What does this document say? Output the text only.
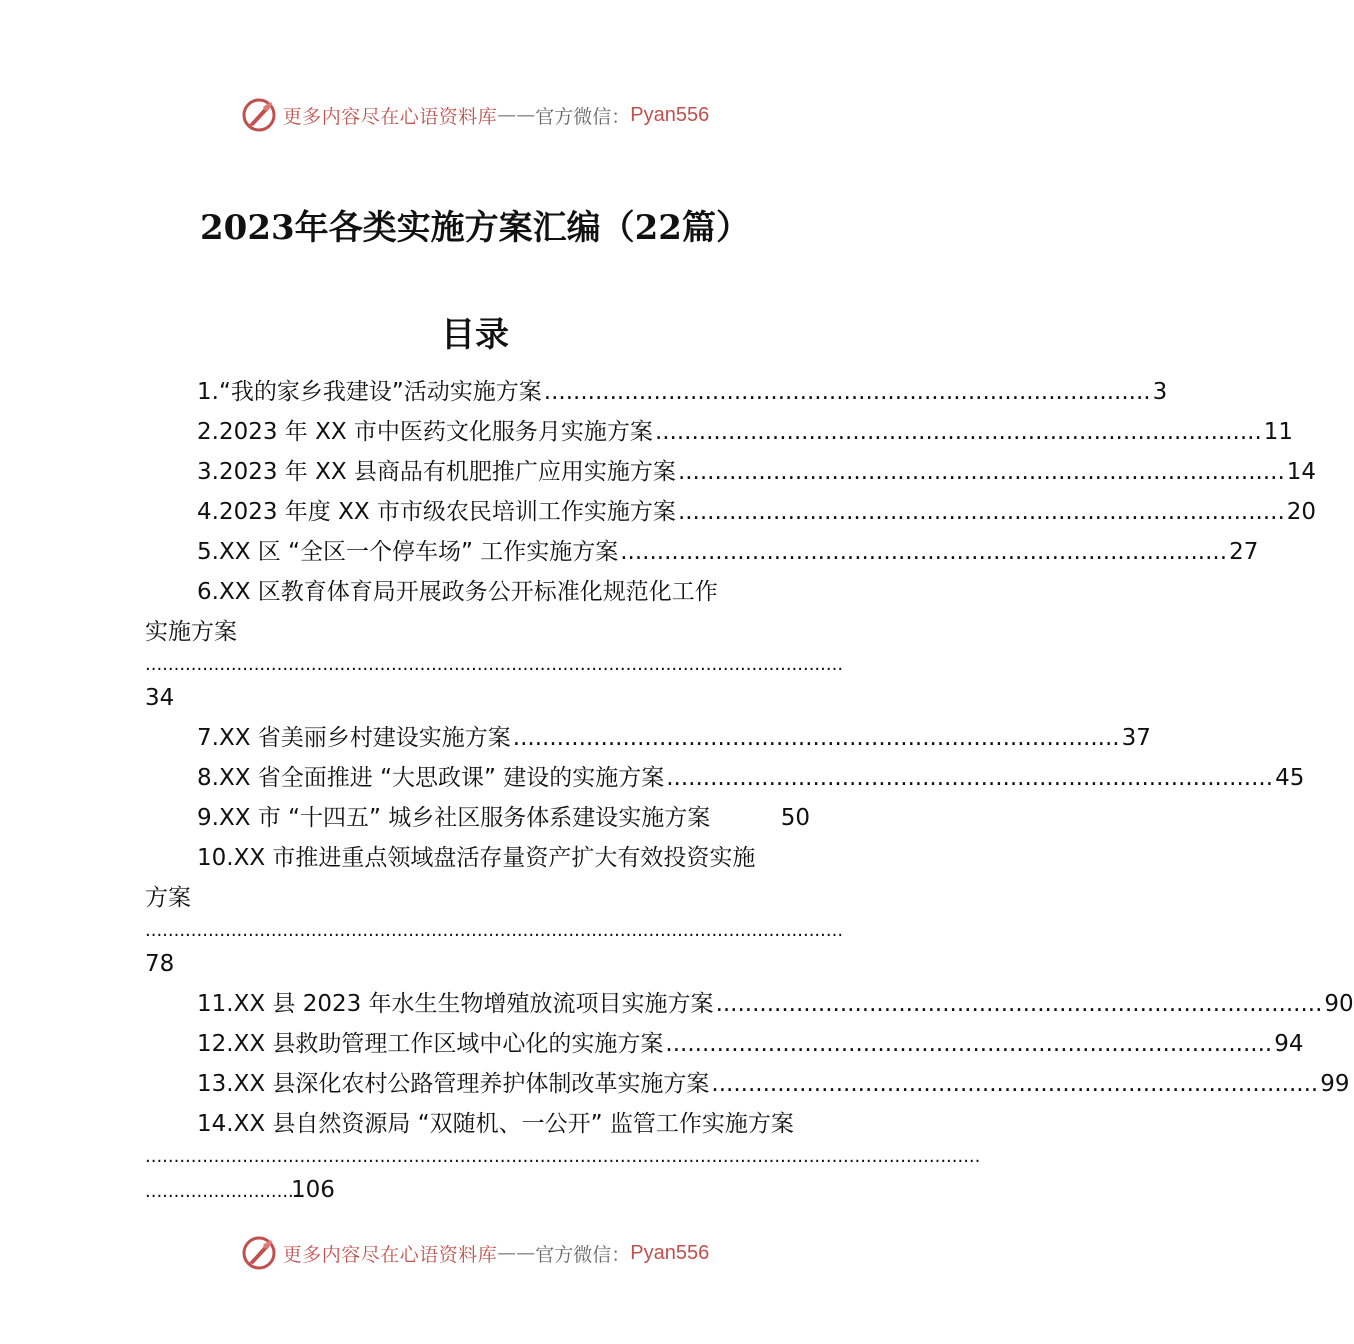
更多内容尽在心语资料库 —— 官方微信： Pyan556
2023年各类实施方案汇编（22篇）
目录
1.“我的家乡我建设”活动实施方案 ................................................................................... 3
2.2023 年 XX 市中医药文化服务月实施方案 ................................................................................... 11
3.2023 年 XX 县商品有机肥推广应用实施方案 ................................................................................... 14
4.2023 年度 XX 市市级农民培训工作实施方案 ................................................................................... 20
5.XX 区 “全区一个停车场” 工作实施方案 ................................................................................... 27
6.XX 区教育体育局开展政务公开标准化规范化工作
实施方案
..........................................................................................................................
34
7.XX 省美丽乡村建设实施方案 ................................................................................... 37
8.XX 省全面推进 “大思政课” 建设的实施方案 ................................................................................... 45
9.XX 市 “十四五” 城乡社区服务体系建设实施方案	50
10.XX 市推进重点领域盘活存量资产扩大有效投资实施
方案
..........................................................................................................................
78
11.XX 县 2023 年水生生物增殖放流项目实施方案 ................................................................................... 90
12.XX 县救助管理工作区域中心化的实施方案 ................................................................................... 94
13.XX 县深化农村公路管理养护体制改革实施方案 ................................................................................... 99
14.XX 县自然资源局 “双随机、一公开” 监管工作实施方案
..................................................................................................................................................
............................
106
更多内容尽在心语资料库 —— 官方微信： Pyan556
